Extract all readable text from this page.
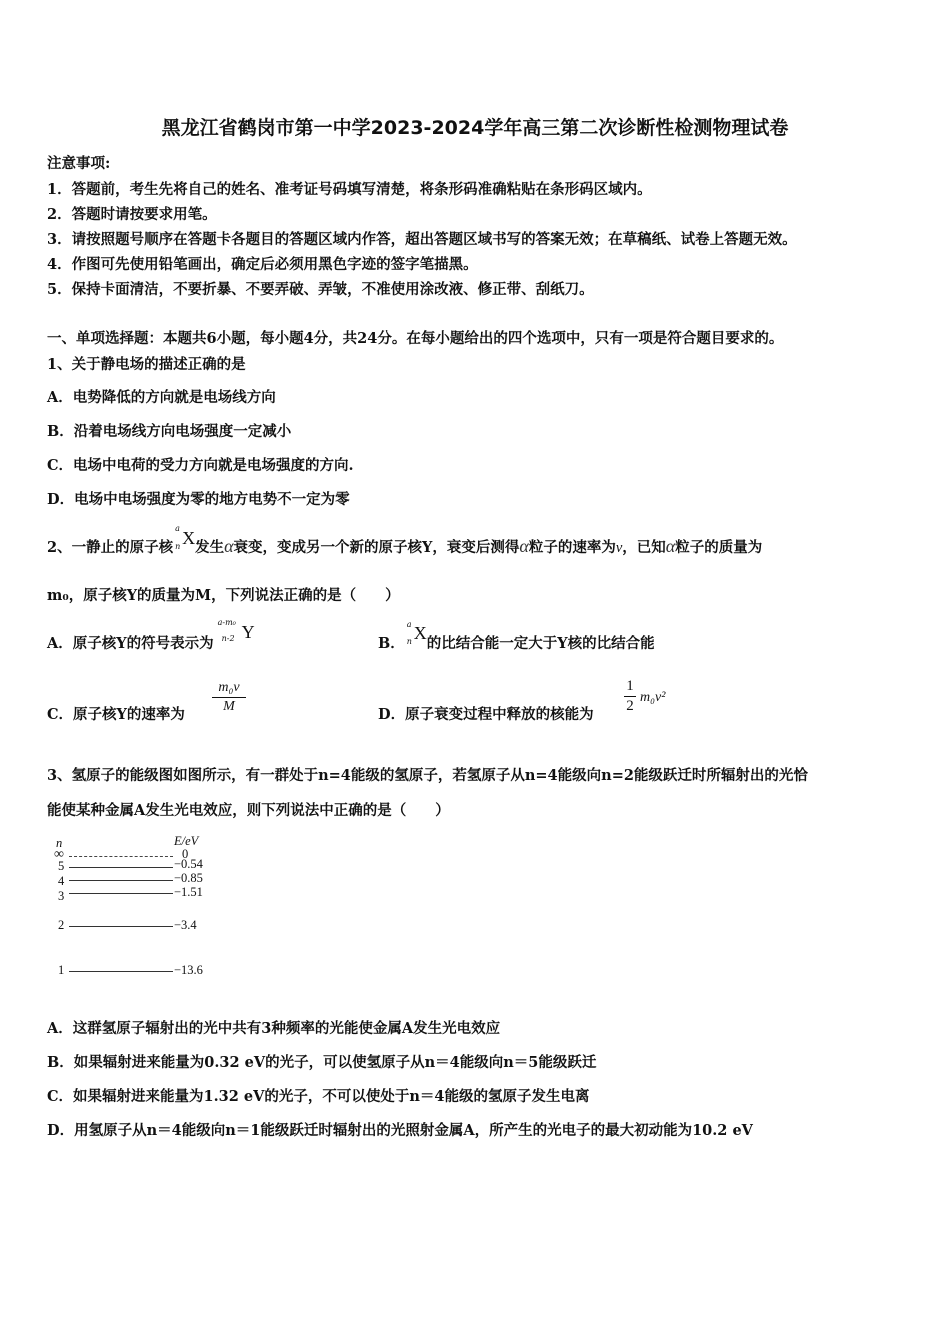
黑龙江省鹤岗市第一中学2023-2024学年高三第二次诊断性检测物理试卷
注意事项:
1．答题前，考生先将自己的姓名、准考证号码填写清楚，将条形码准确粘贴在条形码区域内。
2．答题时请按要求用笔。
3．请按照题号顺序在答题卡各题目的答题区域内作答，超出答题区域书写的答案无效；在草稿纸、试卷上答题无效。
4．作图可先使用铅笔画出，确定后必须用黑色字迹的签字笔描黑。
5．保持卡面清洁，不要折暴、不要弄破、弄皱，不准使用涂改液、修正带、刮纸刀。
一、单项选择题：本题共6小题，每小题4分，共24分。在每小题给出的四个选项中，只有一项是符合题目要求的。
1、关于静电场的描述正确的是
A．电势降低的方向就是电场线方向
B．沿着电场线方向电场强度一定减小
C．电场中电荷的受力方向就是电场强度的方向.
D．电场中电场强度为零的地方电势不一定为零
2、一静止的原子核
a
n X 发生α衰变，变成另一个新的原子核Y，衰变后测得α粒子的速率为v，已知α粒子的质量为
m₀，原子核Y的质量为M，下列说法正确的是（　　）
A．原子核Y的符号表示为
a-m₀
n-2 Y
B．
a
n X
的比结合能一定大于Y核的比结合能
C．原子核Y的速率为
m₀v
M	D．原子衰变过程中释放的核能为
1
2
m₀v²
3、氢原子的能级图如图所示，有一群处于n=4能级的氢原子，若氢原子从n=4能级向n=2能级跃迁时所辐射出的光恰
能使某种金属A发生光电效应，则下列说法中正确的是（　　）
n	E/eV
∞	0
5	−0.54
4	−0.85
3	−1.51
2	−3.4
1	−13.6
A．这群氢原子辐射出的光中共有3种频率的光能使金属A发生光电效应
B．如果辐射进来能量为0.32 eV的光子，可以使氢原子从n＝4能级向n＝5能级跃迁
C．如果辐射进来能量为1.32 eV的光子，不可以使处于n＝4能级的氢原子发生电离
D．用氢原子从n＝4能级向n＝1能级跃迁时辐射出的光照射金属A，所产生的光电子的最大初动能为10.2 eV
